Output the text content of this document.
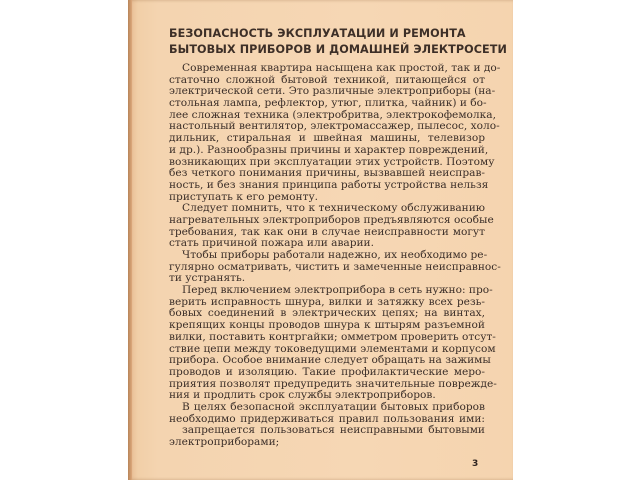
БЕЗОПАСНОСТЬ ЭКСПЛУАТАЦИИ И РЕМОНТА
БЫТОВЫХ ПРИБОРОВ И ДОМАШНЕЙ ЭЛЕКТРОСЕТИ
Современная квартира насыщена как простой, так и до-
статочно сложной бытовой техникой, питающейся от
электрической сети. Это различные электроприборы (на-
стольная лампа, рефлектор, утюг, плитка, чайник) и бо-
лее сложная техника (электробритва, электрокофемолка,
настольный вентилятор, электромассажер, пылесос, холо-
дильник, стиральная и швейная машины, телевизор
и др.). Разнообразны причины и характер повреждений,
возникающих при эксплуатации этих устройств. Поэтому
без четкого понимания причины, вызвавшей неисправ-
ность, и без знания принципа работы устройства нельзя
приступать к его ремонту.
Следует помнить, что к техническому обслуживанию
нагревательных электроприборов предъявляются особые
требования, так как они в случае неисправности могут
стать причиной пожара или аварии.
Чтобы приборы работали надежно, их необходимо ре-
гулярно осматривать, чистить и замеченные неисправнос-
ти устранять.
Перед включением электроприбора в сеть нужно: про-
верить исправность шнура, вилки и затяжку всех резь-
бовых соединений в электрических цепях; на винтах,
крепящих концы проводов шнура к штырям разъемной
вилки, поставить контргайки; омметром проверить отсут-
ствие цепи между токоведущими элементами и корпусом
прибора. Особое внимание следует обращать на зажимы
проводов и изоляцию. Такие профилактические меро-
приятия позволят предупредить значительные поврежде-
ния и продлить срок службы электроприборов.
В целях безопасной эксплуатации бытовых приборов
необходимо придерживаться правил пользования ими:
запрещается пользоваться неисправными бытовыми
электроприборами;
3
